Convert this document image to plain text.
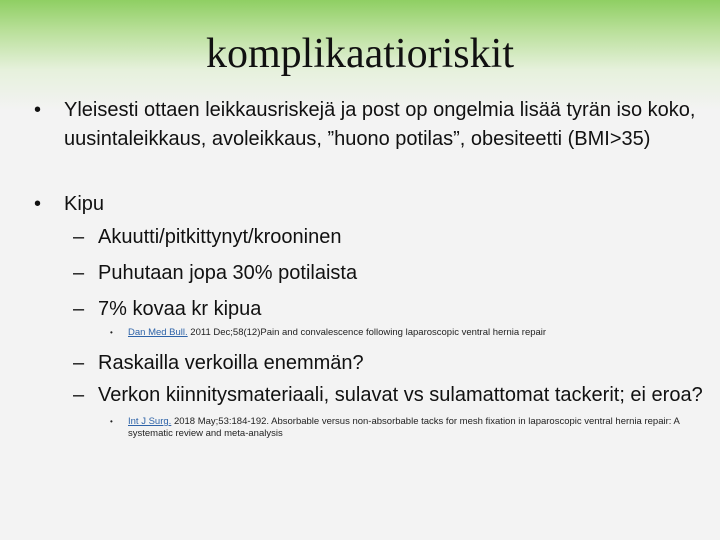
komplikaatioriskit
• Yleisesti ottaen leikkausriskejä ja post op ongelmia lisää tyrän iso koko, uusintaleikkaus, avoleikkaus, ”huono potilas”, obesiteetti (BMI>35)
• Kipu
– Akuutti/pitkittynyt/krooninen
– Puhutaan jopa 30% potilaista
– 7% kovaa kr kipua
• Dan Med Bull. 2011 Dec;58(12)Pain and convalescence following laparoscopic ventral hernia repair
– Raskailla verkoilla enemmän?
– Verkon kiinnitysmateriaali, sulavat vs sulamattomat tackerit; ei eroa?
• Int J Surg. 2018 May;53:184-192. Absorbable versus non-absorbable tacks for mesh fixation in laparoscopic ventral hernia repair: A systematic review and meta-analysis
